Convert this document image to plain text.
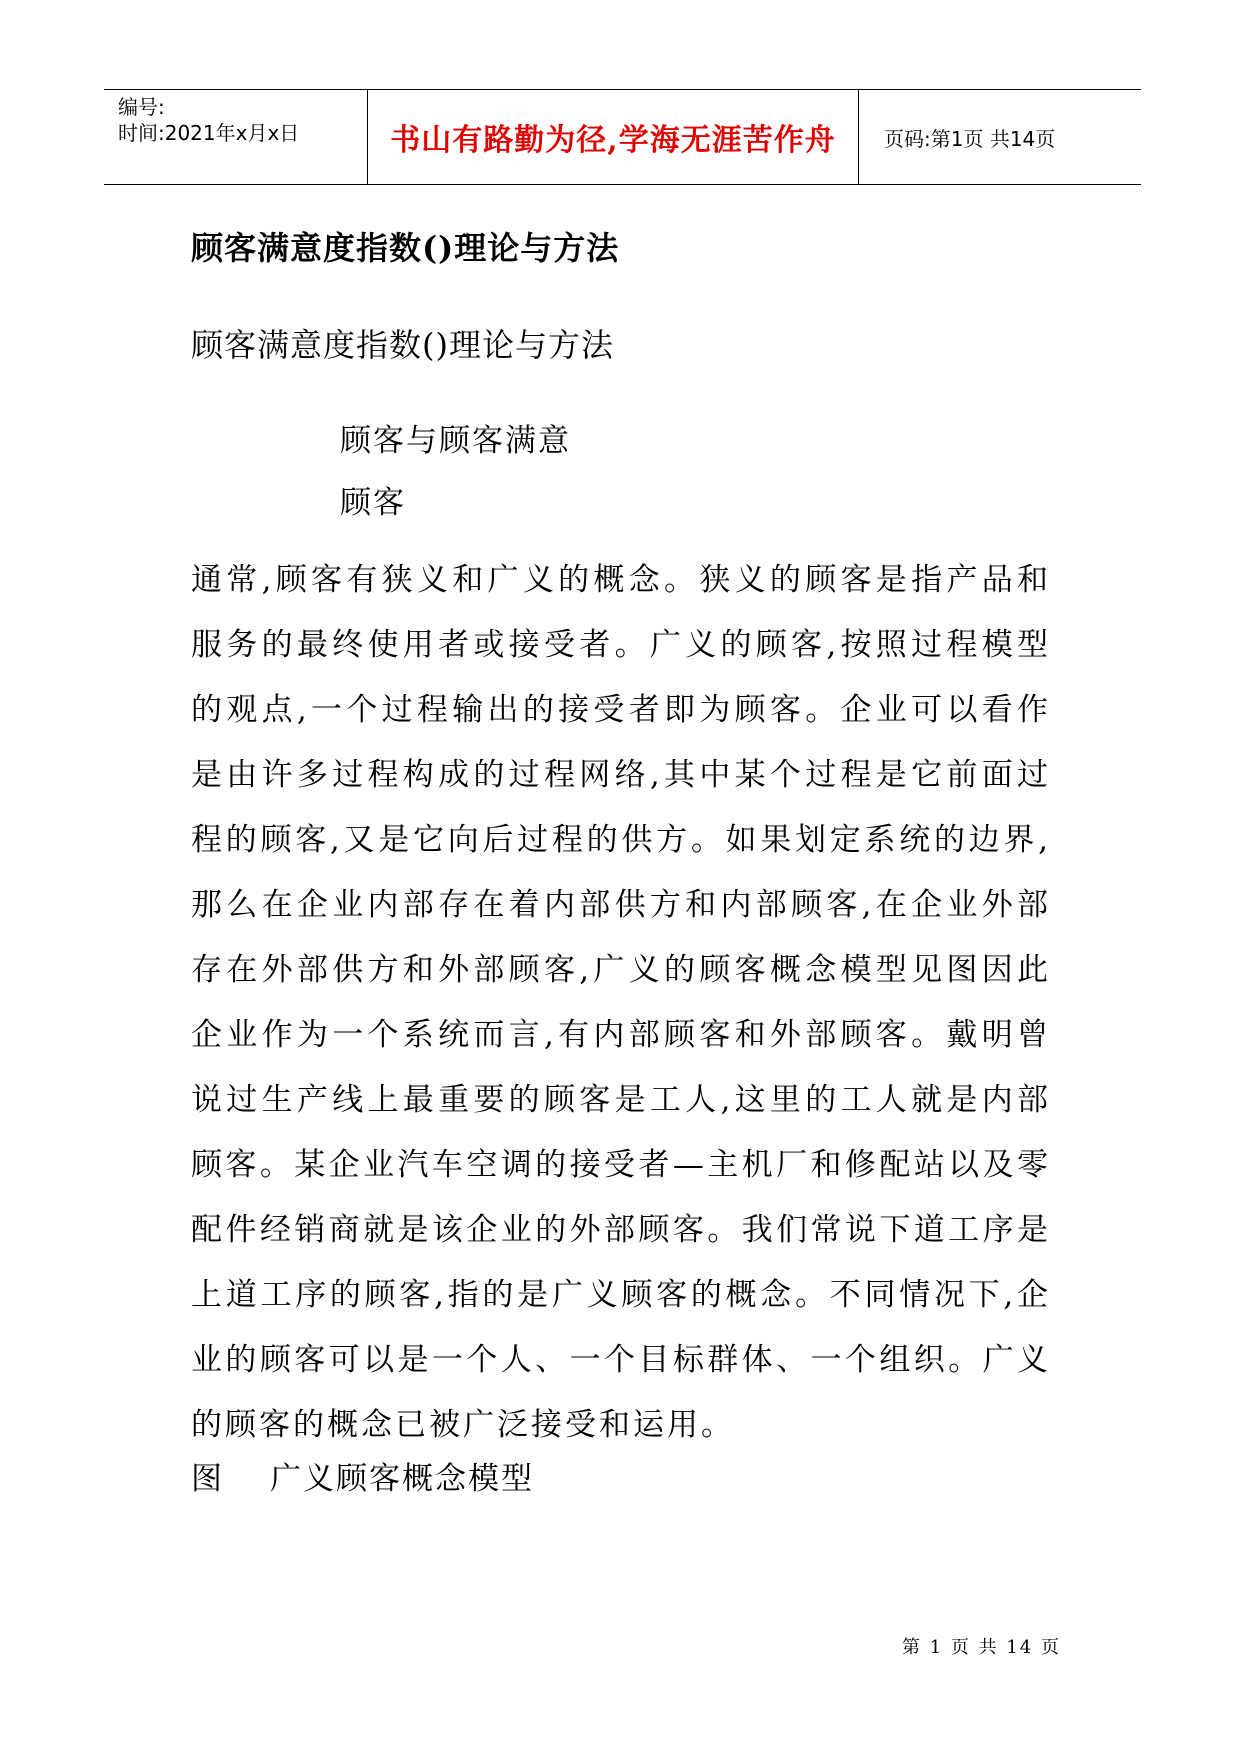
编号:
时间:2021年x月x日	书山有路勤为径,学海无涯苦作舟	页码:第1页 共14页
顾客满意度指数()理论与方法
顾客满意度指数()理论与方法
顾客与顾客满意
顾客

通常,顾客有狭义和广义的概念。狭义的顾客是指产品和服务的最终使用者或接受者。广义的顾客,按照过程模型的观点,一个过程输出的接受者即为顾客。企业可以看作是由许多过程构成的过程网络,其中某个过程是它前面过程的顾客,又是它向后过程的供方。如果划定系统的边界,那么在企业内部存在着内部供方和内部顾客,在企业外部存在外部供方和外部顾客,广义的顾客概念模型见图因此企业作为一个系统而言,有内部顾客和外部顾客。戴明曾说过生产线上最重要的顾客是工人,这里的工人就是内部顾客。某企业汽车空调的接受者—主机厂和修配站以及零配件经销商就是该企业的外部顾客。我们常说下道工序是上道工序的顾客,指的是广义顾客的概念。不同情况下,企业的顾客可以是一个人、一个目标群体、一个组织。广义的顾客的概念已被广泛接受和运用。

图 广义顾客概念模型
第 1 页 共 14 页
